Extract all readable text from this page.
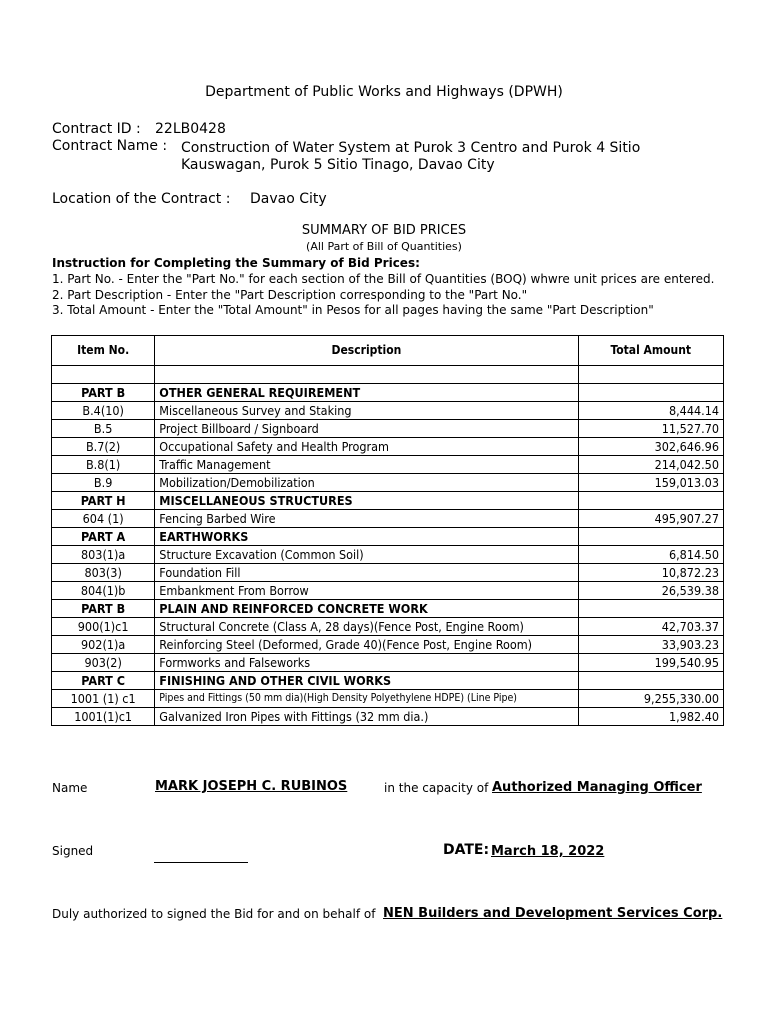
Department of Public Works and Highways (DPWH)
Contract ID : 22LB0428
Contract Name : Construction of Water System at Purok 3 Centro and Purok 4 Sitio
Kauswagan, Purok 5 Sitio Tinago, Davao City
Location of the Contract : Davao City
SUMMARY OF BID PRICES
(All Part of Bill of Quantities)
Instruction for Completing the Summary of Bid Prices:
1. Part No. - Enter the "Part No." for each section of the Bill of Quantities (BOQ) whwre unit prices are entered.
2. Part Description - Enter the "Part Description corresponding to the "Part No."
3. Total Amount - Enter the "Total Amount" in Pesos for all pages having the same "Part Description"
Item No.	Description	Total Amount

PART B	OTHER GENERAL REQUIREMENT	
B.4(10)	Miscellaneous Survey and Staking	8,444.14
B.5	Project Billboard / Signboard	11,527.70
B.7(2)	Occupational Safety and Health Program	302,646.96
B.8(1)	Traffic Management	214,042.50
B.9	Mobilization/Demobilization	159,013.03
PART H	MISCELLANEOUS STRUCTURES	
604 (1)	Fencing Barbed Wire	495,907.27
PART A	EARTHWORKS	
803(1)a	Structure Excavation (Common Soil)	6,814.50
803(3)	Foundation Fill	10,872.23
804(1)b	Embankment From Borrow	26,539.38
PART B	PLAIN AND REINFORCED CONCRETE WORK	
900(1)c1	Structural Concrete (Class A, 28 days)(Fence Post, Engine Room)	42,703.37
902(1)a	Reinforcing Steel (Deformed, Grade 40)(Fence Post, Engine Room)	33,903.23
903(2)	Formworks and Falseworks	199,540.95
PART C	FINISHING AND OTHER CIVIL WORKS	
1001 (1) c1	Pipes and Fittings (50 mm dia)(High Density Polyethylene HDPE) (Line Pipe)	9,255,330.00
1001(1)c1	Galvanized Iron Pipes with Fittings (32 mm dia.)	1,982.40
Name	MARK JOSEPH C. RUBINOS	in the capacity of Authorized Managing Officer
Signed	DATE: March 18, 2022
Duly authorized to signed the Bid for and on behalf of NEN Builders and Development Services Corp.
